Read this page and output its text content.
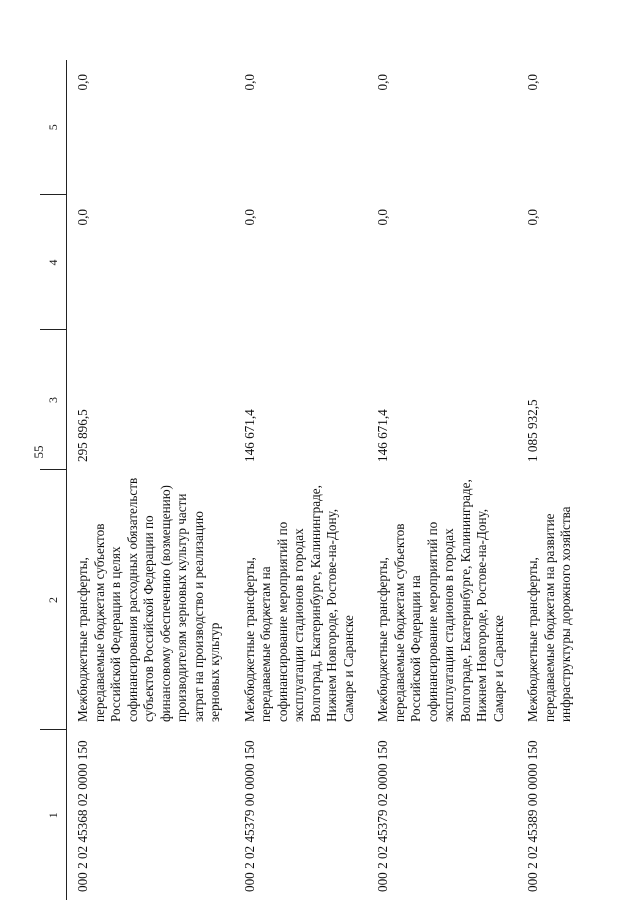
55
1	2	3	4	5
000 2 02 45368 02 0000 150	Межбюджетные трансферты, передаваемые бюджетам субъектов Российской Федерации в целях софинансирования расходных обязательств субъектов Российской Федерации по финансовому обеспечению (возмещению) производителям зерновых культур части затрат на производство и реализацию зерновых культур	295 896,5	0,0	0,0
000 2 02 45379 00 0000 150	Межбюджетные трансферты, передаваемые бюджетам на софинансирование мероприятий по эксплуатации стадионов в городах Волгоград, Екатеринбурге, Калининграде, Нижнем Новгороде, Ростове-на-Дону, Самаре и Саранске	146 671,4	0,0	0,0
000 2 02 45379 02 0000 150	Межбюджетные трансферты, передаваемые бюджетам субъектов Российской Федерации на софинансирование мероприятий по эксплуатации стадионов в городах Волгограде, Екатеринбурге, Калининграде, Нижнем Новгороде, Ростове-на-Дону, Самаре и Саранске	146 671,4	0,0	0,0
000 2 02 45389 00 0000 150	Межбюджетные трансферты, передаваемые бюджетам на развитие инфраструктуры дорожного хозяйства	1 085 932,5	0,0	0,0
